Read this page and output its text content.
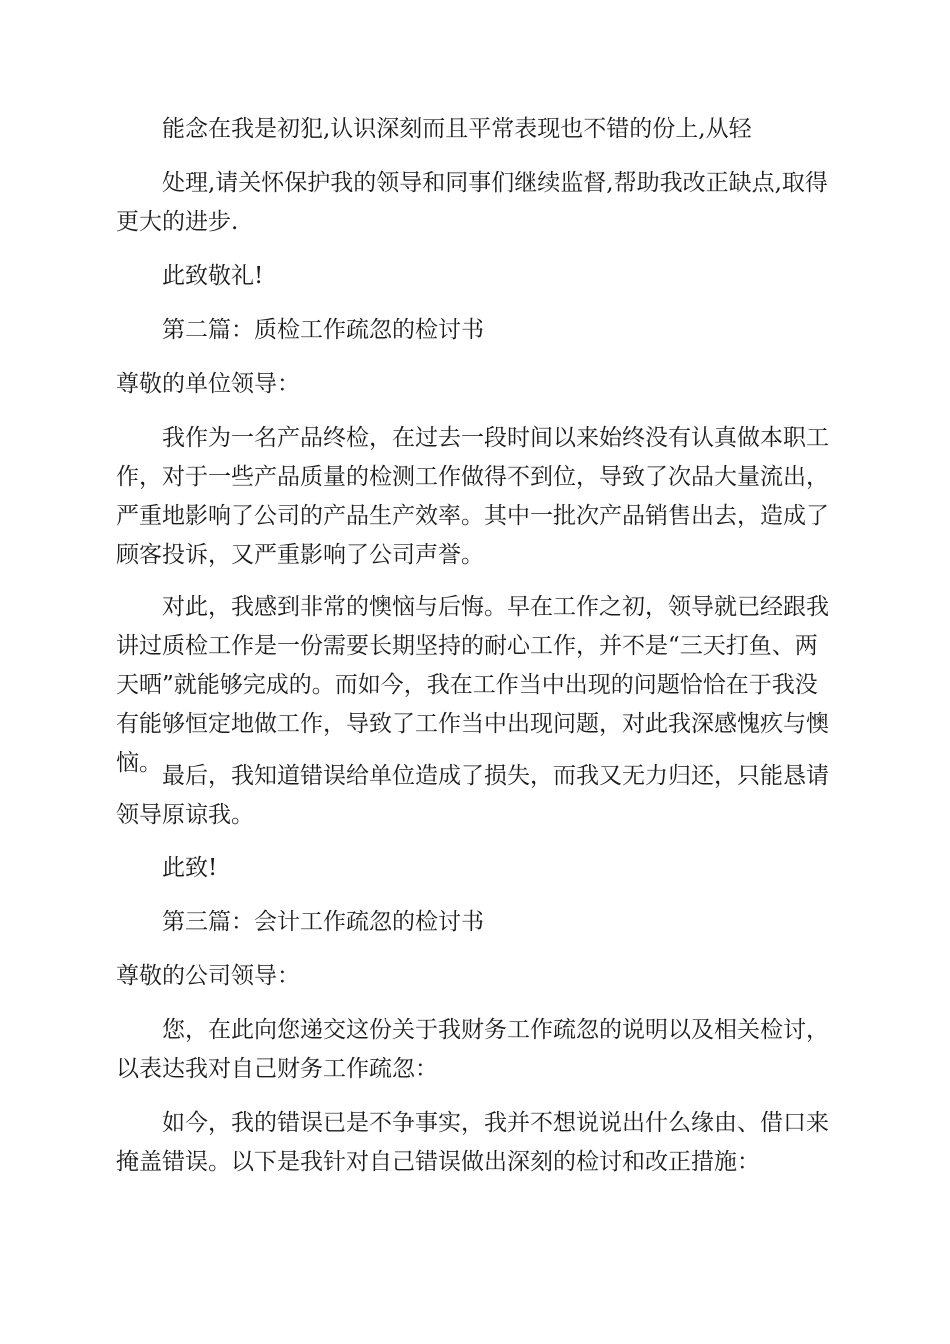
能念在我是初犯,认识深刻而且平常表现也不错的份上,从轻

处理,请关怀保护我的领导和同事们继续监督,帮助我改正缺点,取得更大的进步.

此致敬礼!

第二篇：质检工作疏忽的检讨书

尊敬的单位领导：

我作为一名产品终检，在过去一段时间以来始终没有认真做本职工作，对于一些产品质量的检测工作做得不到位，导致了次品大量流出，严重地影响了公司的产品生产效率。其中一批次产品销售出去，造成了顾客投诉，又严重影响了公司声誉。

对此，我感到非常的懊恼与后悔。早在工作之初，领导就已经跟我讲过质检工作是一份需要长期坚持的耐心工作，并不是“三天打鱼、两天晒”就能够完成的。而如今，我在工作当中出现的问题恰恰在于我没有能够恒定地做工作，导致了工作当中出现问题，对此我深感愧疚与懊恼。 最后，我知道错误给单位造成了损失，而我又无力归还，只能恳请领导原谅我。

此致!

第三篇：会计工作疏忽的检讨书

尊敬的公司领导：

您，在此向您递交这份关于我财务工作疏忽的说明以及相关检讨，以表达我对自己财务工作疏忽：

如今，我的错误已是不争事实，我并不想说说出什么缘由、借口来掩盖错误。以下是我针对自己错误做出深刻的检讨和改正措施：
